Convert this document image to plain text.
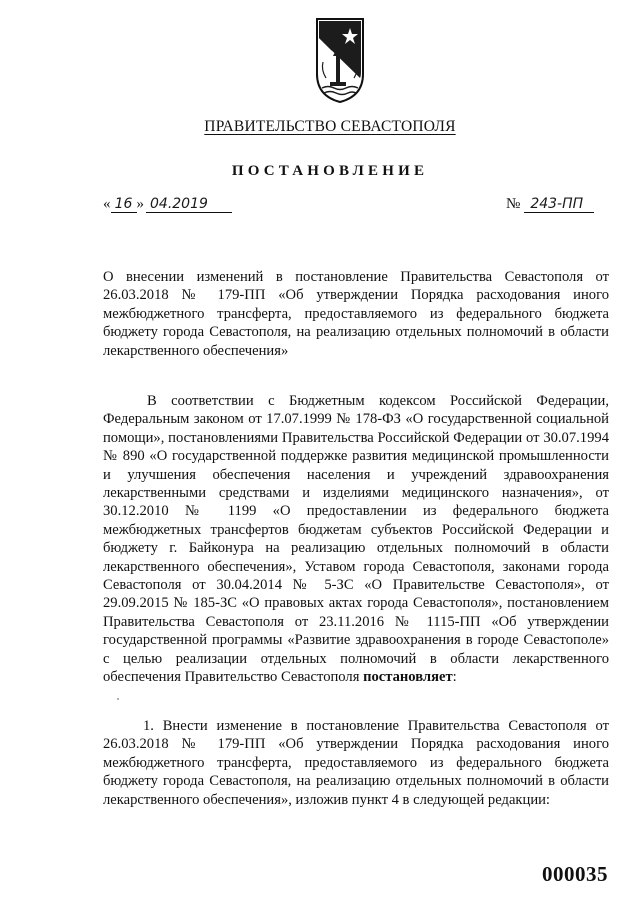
ПРАВИТЕЛЬСТВО СЕВАСТОПОЛЯ
ПОСТАНОВЛЕНИЕ
« 16 » 04.2019	№ 243-ПП
О внесении изменений в постановление Правительства Севастополя от 26.03.2018 № 179-ПП «Об утверждении Порядка расходования иного межбюджетного трансферта, предоставляемого из федерального бюджета бюджету города Севастополя, на реализацию отдельных полномочий в области лекарственного обеспечения»
В соответствии с Бюджетным кодексом Российской Федерации, Федеральным законом от 17.07.1999 № 178-ФЗ «О государственной социальной помощи», постановлениями Правительства Российской Федерации от 30.07.1994 № 890 «О государственной поддержке развития медицинской промышленности и улучшения обеспечения населения и учреждений здравоохранения лекарственными средствами и изделиями медицинского назначения», от 30.12.2010 № 1199 «О предоставлении из федерального бюджета межбюджетных трансфертов бюджетам субъектов Российской Федерации и бюджету г. Байконура на реализацию отдельных полномочий в области лекарственного обеспечения», Уставом города Севастополя, законами города Севастополя от 30.04.2014 № 5-ЗС «О Правительстве Севастополя», от 29.09.2015 № 185-ЗС «О правовых актах города Севастополя», постановлением Правительства Севастополя от 23.11.2016 № 1115-ПП «Об утверждении государственной программы «Развитие здравоохранения в городе Севастополе» с целью реализации отдельных полномочий в области лекарственного обеспечения Правительство Севастополя постановляет:
1. Внести изменение в постановление Правительства Севастополя от 26.03.2018 № 179-ПП «Об утверждении Порядка расходования иного межбюджетного трансферта, предоставляемого из федерального бюджета бюджету города Севастополя, на реализацию отдельных полномочий в области лекарственного обеспечения», изложив пункт 4 в следующей редакции:
000035
